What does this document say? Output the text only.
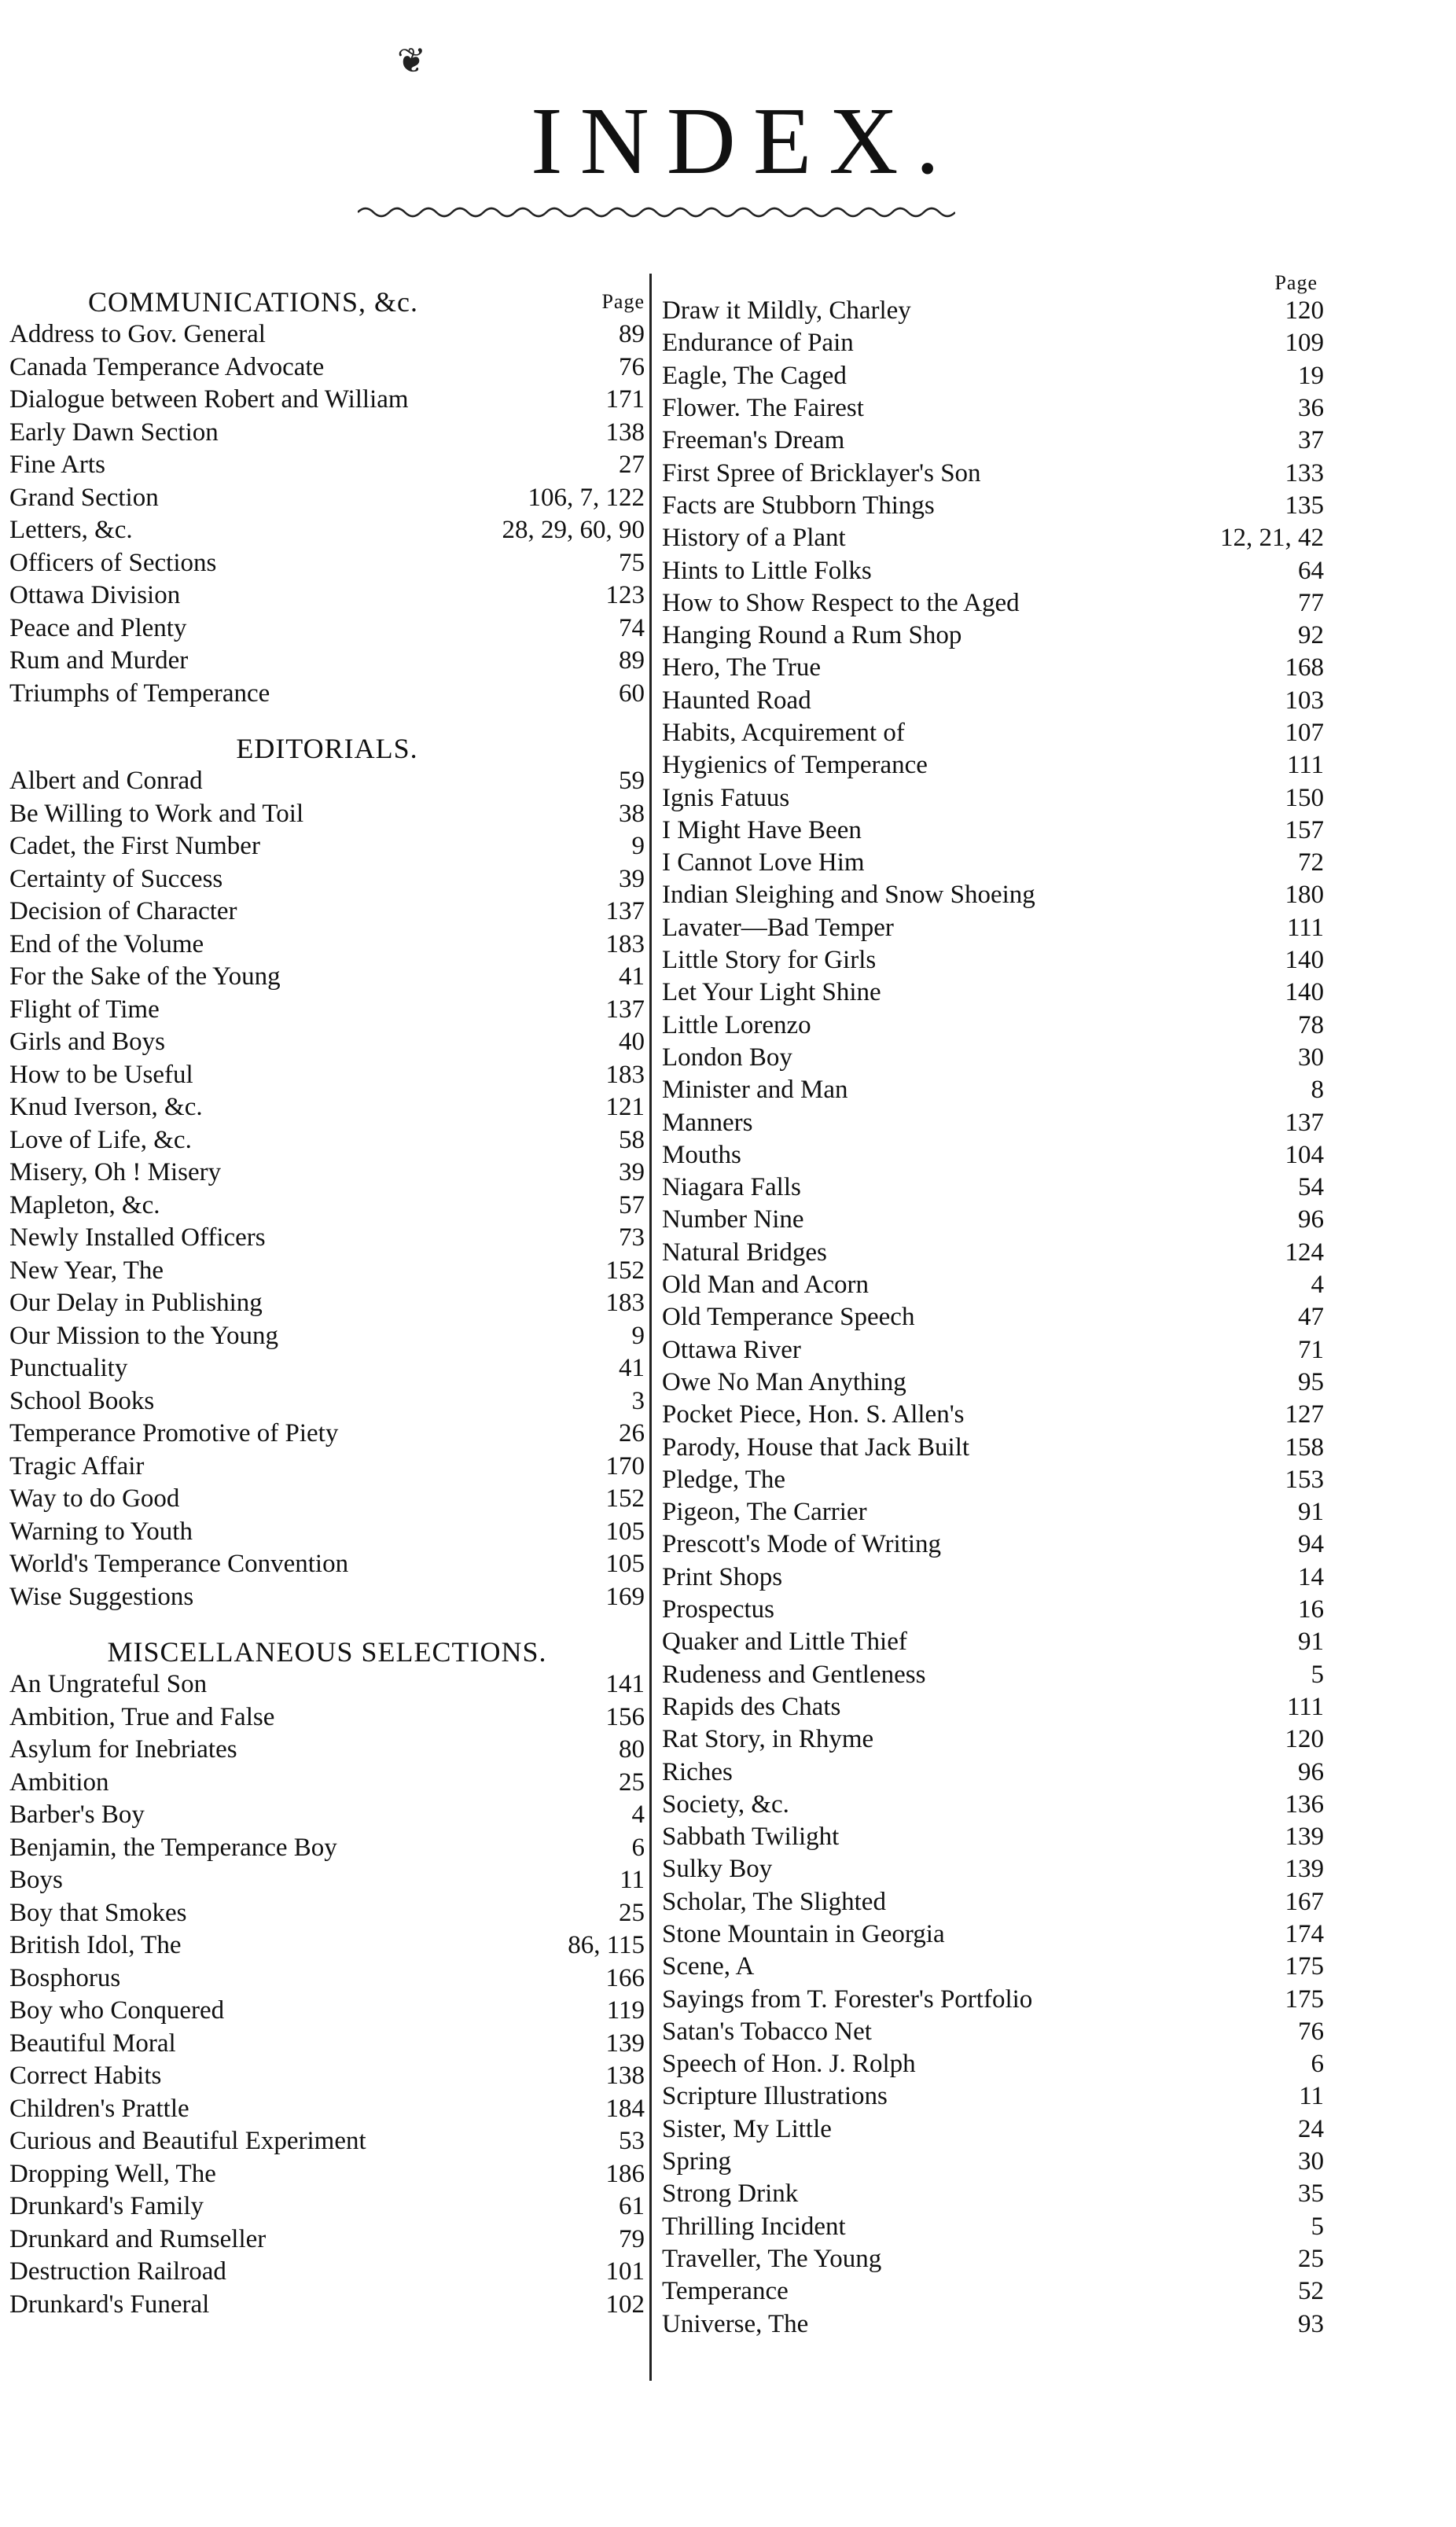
❦
INDEX.
COMMUNICATIONS, &c.	Page
Address to Gov. General	89
Canada Temperance Advocate	76
Dialogue between Robert and William	171
Early Dawn Section	138
Fine Arts	27
Grand Section	106, 7, 122
Letters, &c.	28, 29, 60, 90
Officers of Sections	75
Ottawa Division	123
Peace and Plenty	74
Rum and Murder	89
Triumphs of Temperance	60
EDITORIALS.
Albert and Conrad	59
Be Willing to Work and Toil	38
Cadet, the First Number	9
Certainty of Success	39
Decision of Character	137
End of the Volume	183
For the Sake of the Young	41
Flight of Time	137
Girls and Boys	40
How to be Useful	183
Knud Iverson, &c.	121
Love of Life, &c.	58
Misery, Oh ! Misery	39
Mapleton, &c.	57
Newly Installed Officers	73
New Year, The	152
Our Delay in Publishing	183
Our Mission to the Young	9
Punctuality	41
School Books	3
Temperance Promotive of Piety	26
Tragic Affair	170
Way to do Good	152
Warning to Youth	105
World's Temperance Convention	105
Wise Suggestions	169
MISCELLANEOUS SELECTIONS.
An Ungrateful Son	141
Ambition, True and False	156
Asylum for Inebriates	80
Ambition	25
Barber's Boy	4
Benjamin, the Temperance Boy	6
Boys	11
Boy that Smokes	25
British Idol, The	86, 115
Bosphorus	166
Boy who Conquered	119
Beautiful Moral	139
Correct Habits	138
Children's Prattle	184
Curious and Beautiful Experiment	53
Dropping Well, The	186
Drunkard's Family	61
Drunkard and Rumseller	79
Destruction Railroad	101
Drunkard's Funeral	102
Page
Draw it Mildly, Charley	120
Endurance of Pain	109
Eagle, The Caged	19
Flower. The Fairest	36
Freeman's Dream	37
First Spree of Bricklayer's Son	133
Facts are Stubborn Things	135
History of a Plant	12, 21, 42
Hints to Little Folks	64
How to Show Respect to the Aged	77
Hanging Round a Rum Shop	92
Hero, The True	168
Haunted Road	103
Habits, Acquirement of	107
Hygienics of Temperance	111
Ignis Fatuus	150
I Might Have Been	157
I Cannot Love Him	72
Indian Sleighing and Snow Shoeing	180
Lavater—Bad Temper	111
Little Story for Girls	140
Let Your Light Shine	140
Little Lorenzo	78
London Boy	30
Minister and Man	8
Manners	137
Mouths	104
Niagara Falls	54
Number Nine	96
Natural Bridges	124
Old Man and Acorn	4
Old Temperance Speech	47
Ottawa River	71
Owe No Man Anything	95
Pocket Piece, Hon. S. Allen's	127
Parody, House that Jack Built	158
Pledge, The	153
Pigeon, The Carrier	91
Prescott's Mode of Writing	94
Print Shops	14
Prospectus	16
Quaker and Little Thief	91
Rudeness and Gentleness	5
Rapids des Chats	111
Rat Story, in Rhyme	120
Riches	96
Society, &c.	136
Sabbath Twilight	139
Sulky Boy	139
Scholar, The Slighted	167
Stone Mountain in Georgia	174
Scene, A	175
Sayings from T. Forester's Portfolio	175
Satan's Tobacco Net	76
Speech of Hon. J. Rolph	6
Scripture Illustrations	11
Sister, My Little	24
Spring	30
Strong Drink	35
Thrilling Incident	5
Traveller, The Young	25
Temperance	52
Universe, The	93
